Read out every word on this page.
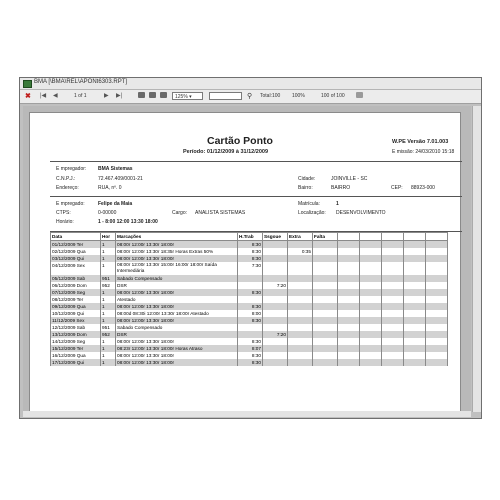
BMA [\BMA\REL\APONt6303.RPT]
✖ |◀ ◀	1 of 1	▶ ▶|	125% ▾	⚲ Total:100 100%	100 of 100
Cartão Ponto
Período: 01/12/2009 à 31/12/2009
W.PE Versão 7.01.003
E missão: 24/03/2010 15:18
E mpregador: BMA Sistemas
C.N.P.J.:	72.467.409/0001-21	Cidade:	JOINVILLE - SC
Endereço:	RUA, nº. 0	Bairro:	BAIRRO	CEP: 88923-000
E mpregado:	Felipe da Maia	Matrícula:	1
CTPS:	0-00000	Cargo: ANALISTA SISTEMAS	Localização: DESENVOLVIMENTO
Horário:	1 - 8:00 12:00 13:30 18:00
Data	Hor	Marcações	H.Trab	Ssgoue	Extra	Falta					
01/12/2009 Ter	1	08:00r 12:00r 13:30r 18:00r	8:30								
02/12/2009 Qua	1	08:00r 12:00r 13:30r 18:35r Horas Extras 50%	8:30		0:35						
03/12/2009 Qui	1	08:00r 12:00r 13:30r 18:00r	8:30								
04/12/2009 Sex	1	08:00r 12:00r 13:30r 15:00r 16:00r 18:00r Saída Intermediária	7:30								
05/12/2009 Sab	951	Sabado Compensado									
06/12/2009 Dom	952	DSR		7:20							
07/12/2009 Seg	1	08:00r 12:00r 13:30r 18:00r	8:30								
08/12/2009 Ter	1	Atestado									
09/12/2009 Qua	1	08:00r 12:00r 13:30r 18:00r	8:30								
10/12/2009 Qui	1	08:00d 08:30i 12:00r 13:30r 18:00r Atestado	8:00								
11/12/2009 Sex	1	08:00r 12:00r 13:30r 18:00r	8:30								
12/12/2009 Sab	951	Sabado Compensado									
13/12/2009 Dom	952	DSR		7:20							
14/12/2009 Seg	1	08:00r 12:00r 13:30r 18:00r	8:30								
15/12/2009 Ter	1	08:23r 12:00r 13:30r 18:00r Horas Atraso	8:07								
16/12/2009 Qua	1	08:00r 12:00r 13:30r 18:00r	8:30								
17/12/2009 Qui	1	08:00r 12:00r 13:30r 18:00r	8:30								
